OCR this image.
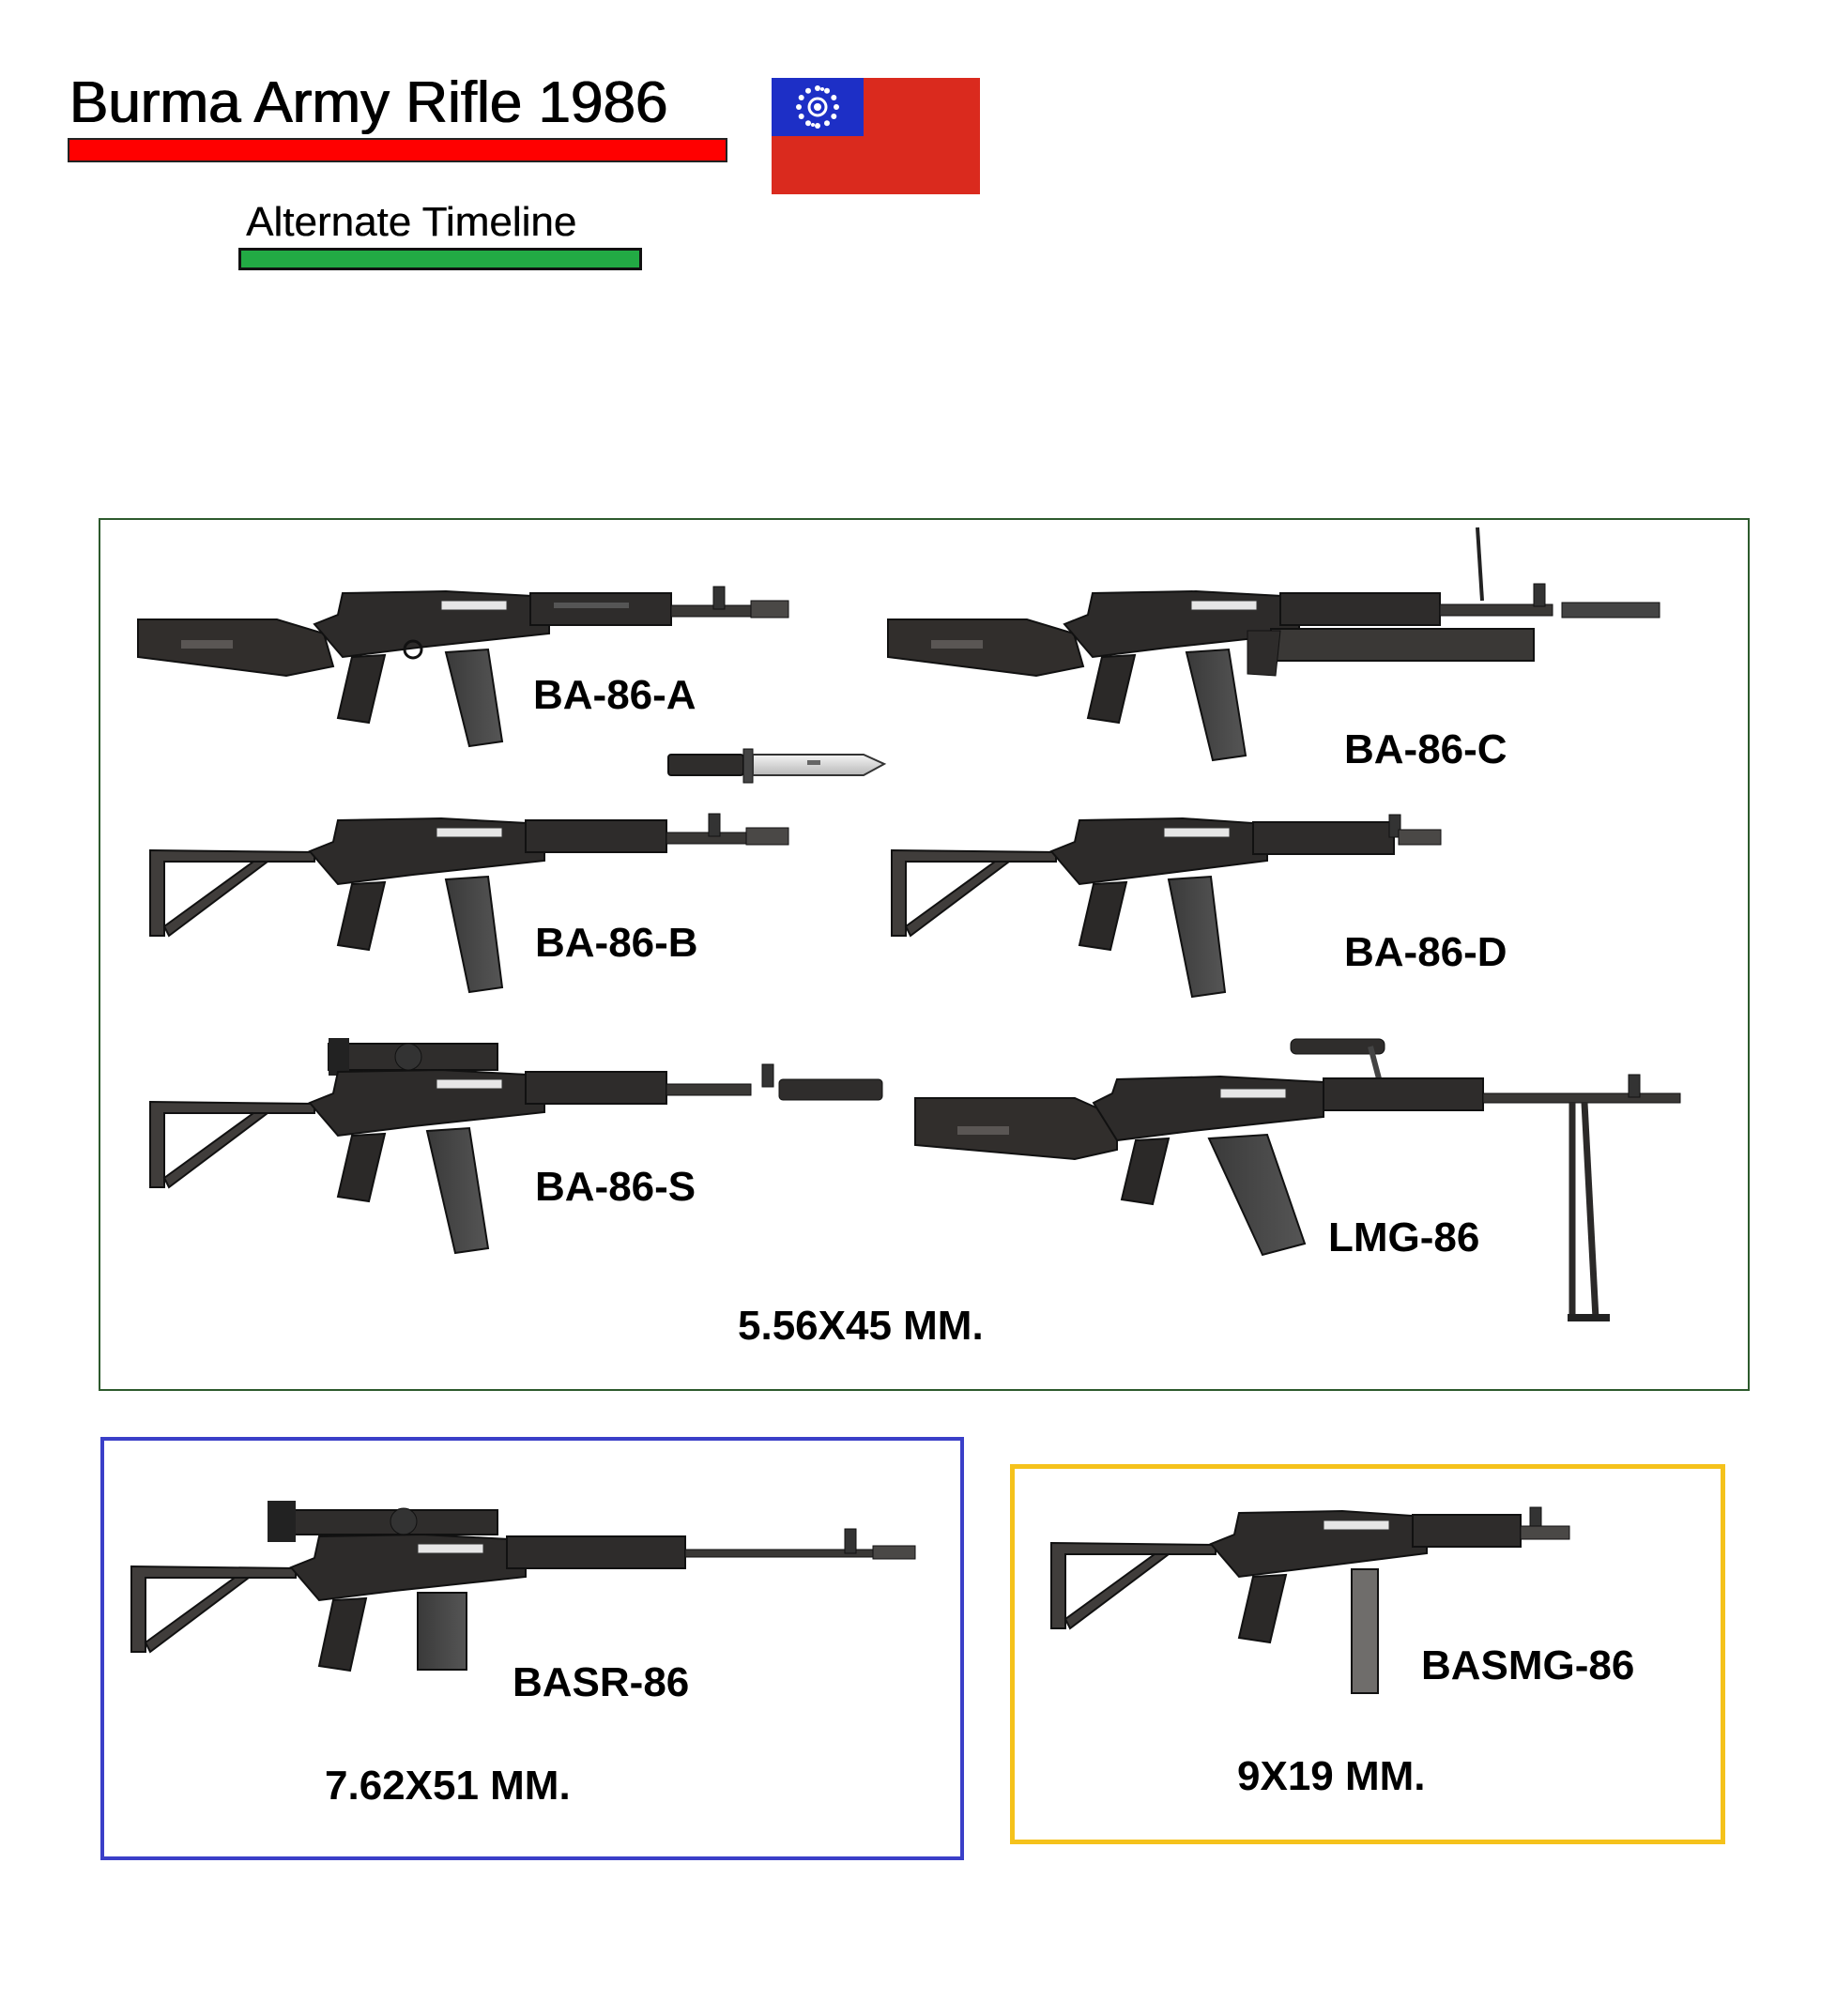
Burma Army Rifle 1986
Alternate Timeline
BA-86-A
BA-86-C
BA-86-B	BA-86-D
BA-86-S
LMG-86
5.56X45 MM.
BASR-86
7.62X51 MM.
BASMG-86
9X19 MM.
